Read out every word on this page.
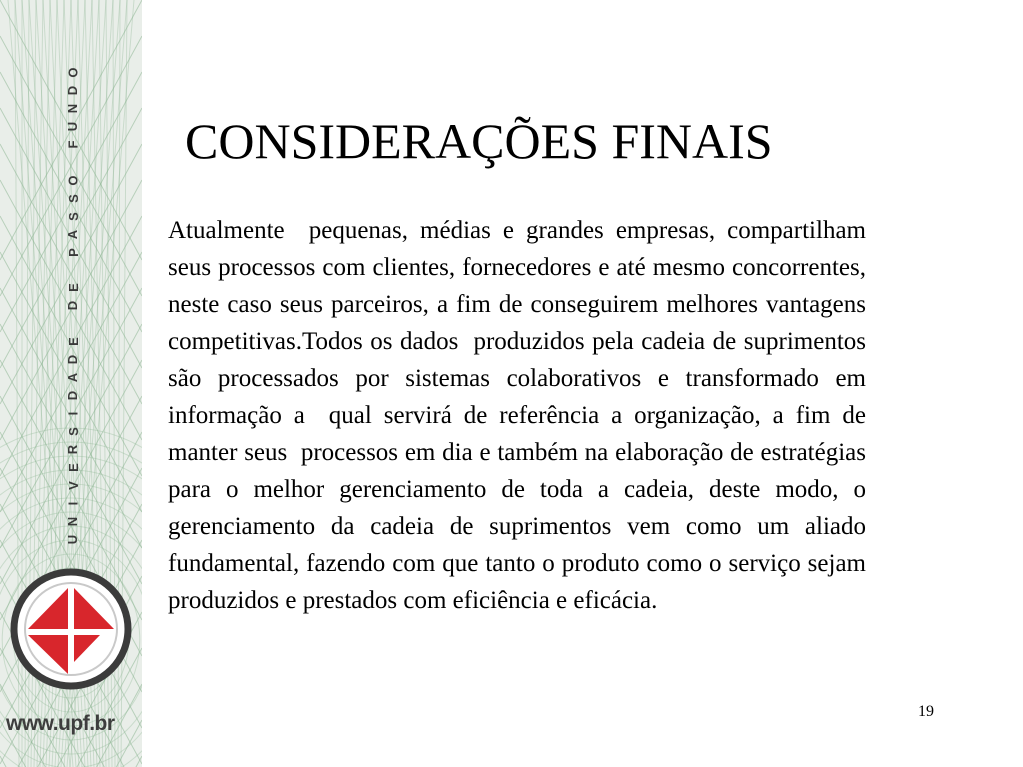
O
D
N
U
F

O
S
S
A
P

E
D

E
D
A
D
I
S
R
E
V
I
N
U
www.upf.br
CONSIDERAÇÕES FINAIS

Atualmente  pequenas, médias e grandes empresas, compartilham seus processos com clientes, fornecedores e até mesmo concorrentes, neste caso seus parceiros, a fim de conseguirem melhores vantagens competitivas.Todos os dados  produzidos pela cadeia de suprimentos são processados por sistemas colaborativos e transformado em informação a  qual servirá de referência a organização, a fim de manter seus  processos em dia e também na elaboração de estratégias para o melhor gerenciamento de toda a cadeia, deste modo, o gerenciamento da cadeia de suprimentos vem como um aliado fundamental, fazendo com que tanto o produto como o serviço sejam produzidos e prestados com eficiência e eficácia.

19
